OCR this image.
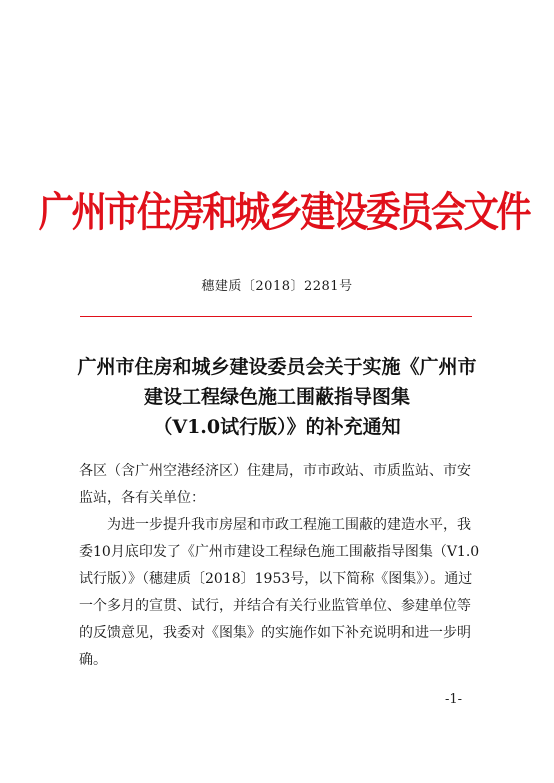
广州市住房和城乡建设委员会文件
穗建质〔2018〕2281号
广州市住房和城乡建设委员会关于实施《广州市
建设工程绿色施工围蔽指导图集
（V1.0试行版）》的补充通知
各区（含广州空港经济区）住建局，市市政站、市质监站、市安
监站，各有关单位：
为进一步提升我市房屋和市政工程施工围蔽的建造水平，我
委10月底印发了《广州市建设工程绿色施工围蔽指导图集（V1.0
试行版）》（穗建质〔2018〕1953号，以下简称《图集》）。通过
一个多月的宣贯、试行，并结合有关行业监管单位、参建单位等
的反馈意见，我委对《图集》的实施作如下补充说明和进一步明
确。
-1-
